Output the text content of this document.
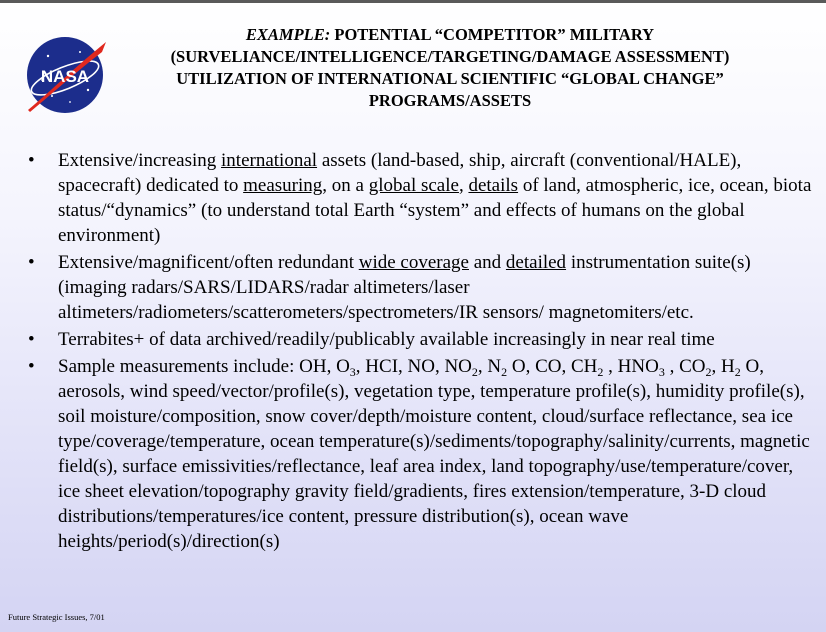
NASA
EXAMPLE: POTENTIAL “COMPETITOR” MILITARY
(SURVELIANCE/INTELLIGENCE/TARGETING/DAMAGE ASSESSMENT)
UTILIZATION OF INTERNATIONAL SCIENTIFIC “GLOBAL CHANGE”
PROGRAMS/ASSETS
• Extensive/increasing international assets (land-based, ship, aircraft (conventional/HALE), spacecraft) dedicated to measuring, on a global scale, details of land, atmospheric, ice, ocean, biota status/“dynamics” (to understand total Earth “system” and effects of humans on the global environment)
• Extensive/magnificent/often redundant wide coverage and detailed instrumentation suite(s) (imaging radars/SARS/LIDARS/radar altimeters/laser altimeters/radiometers/scatterometers/spectrometers/IR sensors/ magnetomiters/etc.
• Terrabites+ of data archived/readily/publicably available increasingly in near real time
• Sample measurements include: OH, $O_3$, HCI, NO, $NO_2$, $N_2$ O, CO, $CH_2$ , $HNO_3$ , $CO_2$, $H_2$ O, aerosols, wind speed/vector/profile(s), vegetation type, temperature profile(s), humidity profile(s), soil moisture/composition, snow cover/depth/moisture content, cloud/surface reflectance, sea ice type/coverage/temperature, ocean temperature(s)/sediments/topography/salinity/currents, magnetic field(s), surface emissivities/reflectance, leaf area index, land topography/use/temperature/cover, ice sheet elevation/topography gravity field/gradients, fires extension/temperature, 3-D cloud distributions/temperatures/ice content, pressure distribution(s), ocean wave heights/period(s)/direction(s)
Future Strategic Issues, 7/01
